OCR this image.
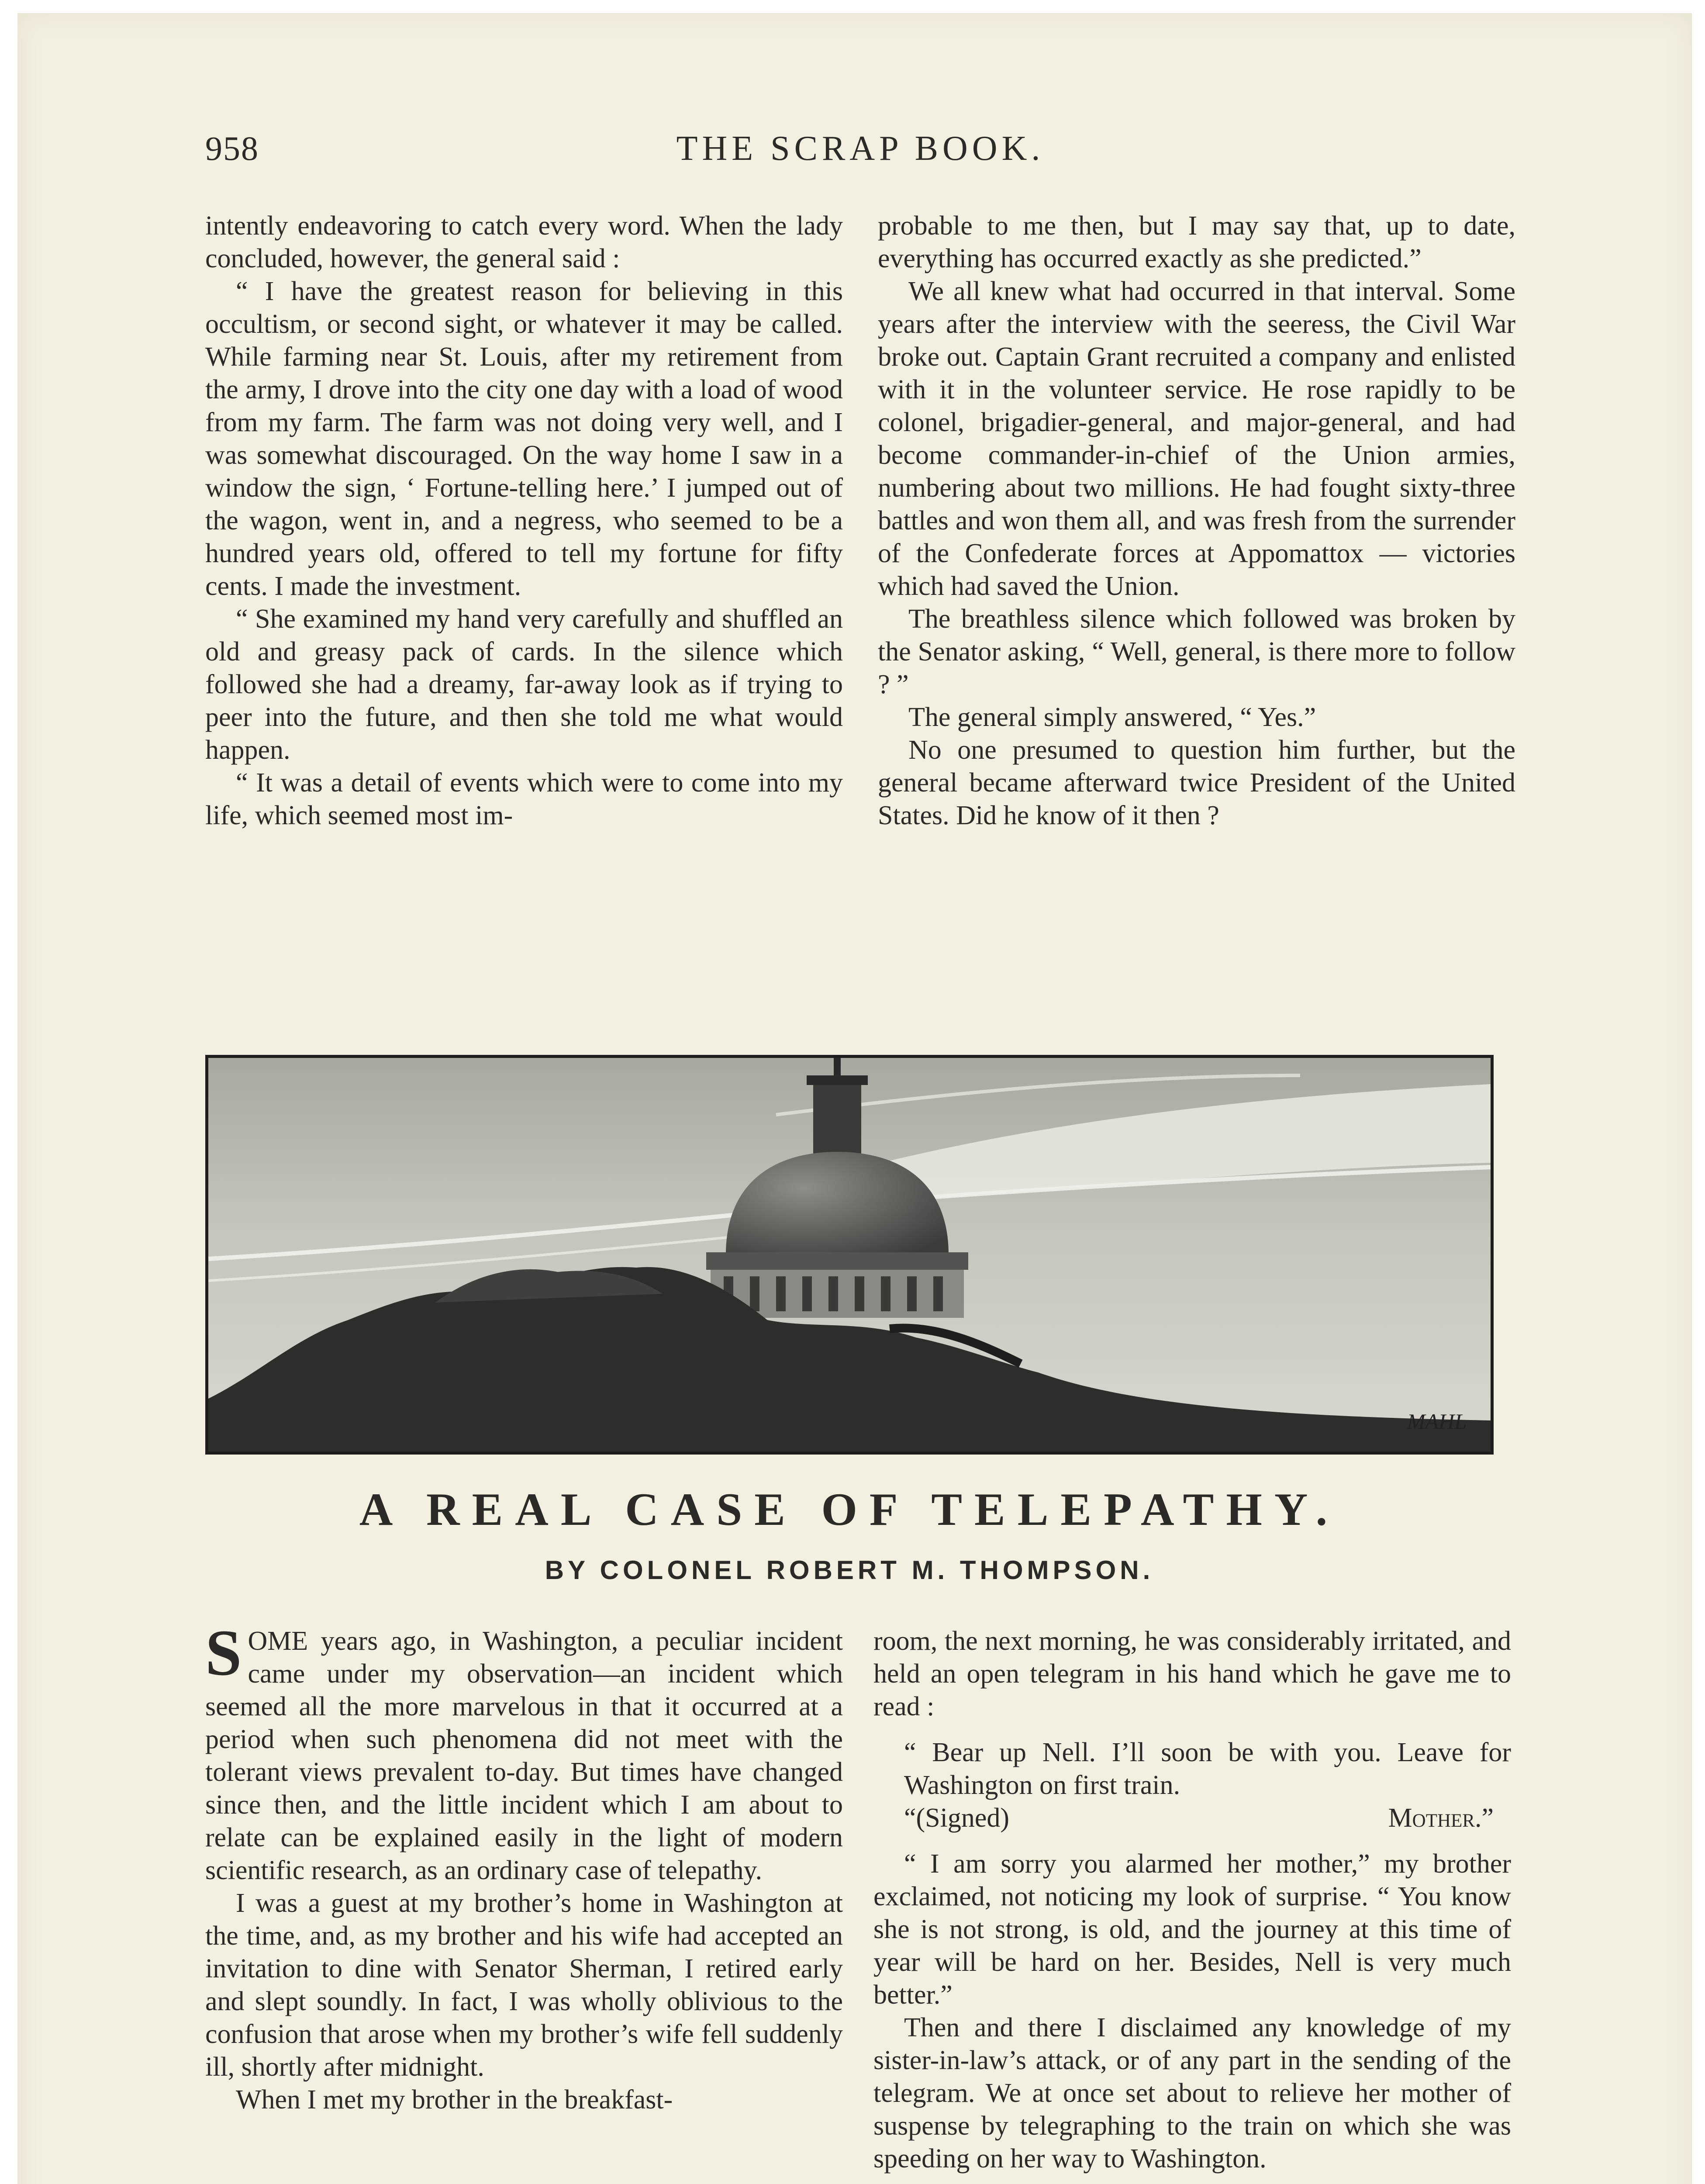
958	THE SCRAP BOOK.

intently endeavoring to catch every word. When the lady concluded, however, the general said :

“ I have the greatest reason for believing in this occultism, or second sight, or whatever it may be called. While farming near St. Louis, after my retirement from the army, I drove into the city one day with a load of wood from my farm. The farm was not doing very well, and I was somewhat discouraged. On the way home I saw in a window the sign, ‘ Fortune-telling here.’ I jumped out of the wagon, went in, and a negress, who seemed to be a hundred years old, offered to tell my fortune for fifty cents. I made the investment.

“ She examined my hand very carefully and shuffled an old and greasy pack of cards. In the silence which followed she had a dreamy, far-away look as if trying to peer into the future, and then she told me what would happen.

“ It was a detail of events which were to come into my life, which seemed most im-

probable to me then, but I may say that, up to date, everything has occurred exactly as she predicted.”

We all knew what had occurred in that interval. Some years after the interview with the seeress, the Civil War broke out. Captain Grant recruited a company and enlisted with it in the volunteer service. He rose rapidly to be colonel, brigadier-general, and major-general, and had become commander-in-chief of the Union armies, numbering about two millions. He had fought sixty-three battles and won them all, and was fresh from the surrender of the Confederate forces at Appomattox — victories which had saved the Union.

The breathless silence which followed was broken by the Senator asking, “ Well, general, is there more to follow ? ”

The general simply answered, “ Yes.”

No one presumed to question him further, but the general became afterward twice President of the United States. Did he know of it then ?

MAHL
A REAL CASE OF TELEPATHY.
BY COLONEL ROBERT M. THOMPSON.

SOME years ago, in Washington, a peculiar incident came under my observation—an incident which seemed all the more marvelous in that it occurred at a period when such phenomena did not meet with the tolerant views prevalent to-day. But times have changed since then, and the little incident which I am about to relate can be explained easily in the light of modern scientific research, as an ordinary case of telepathy.

I was a guest at my brother’s home in Washington at the time, and, as my brother and his wife had accepted an invitation to dine with Senator Sherman, I retired early and slept soundly. In fact, I was wholly oblivious to the confusion that arose when my brother’s wife fell suddenly ill, shortly after midnight.

When I met my brother in the breakfast-

room, the next morning, he was considerably irritated, and held an open telegram in his hand which he gave me to read :

“ Bear up Nell. I’ll soon be with you. Leave for Washington on first train.

“(Signed)	Mother.”

“ I am sorry you alarmed her mother,” my brother exclaimed, not noticing my look of surprise. “ You know she is not strong, is old, and the journey at this time of year will be hard on her. Besides, Nell is very much better.”

Then and there I disclaimed any knowledge of my sister-in-law’s attack, or of any part in the sending of the telegram. We at once set about to relieve her mother of suspense by telegraphing to the train on which she was speeding on her way to Washington.
